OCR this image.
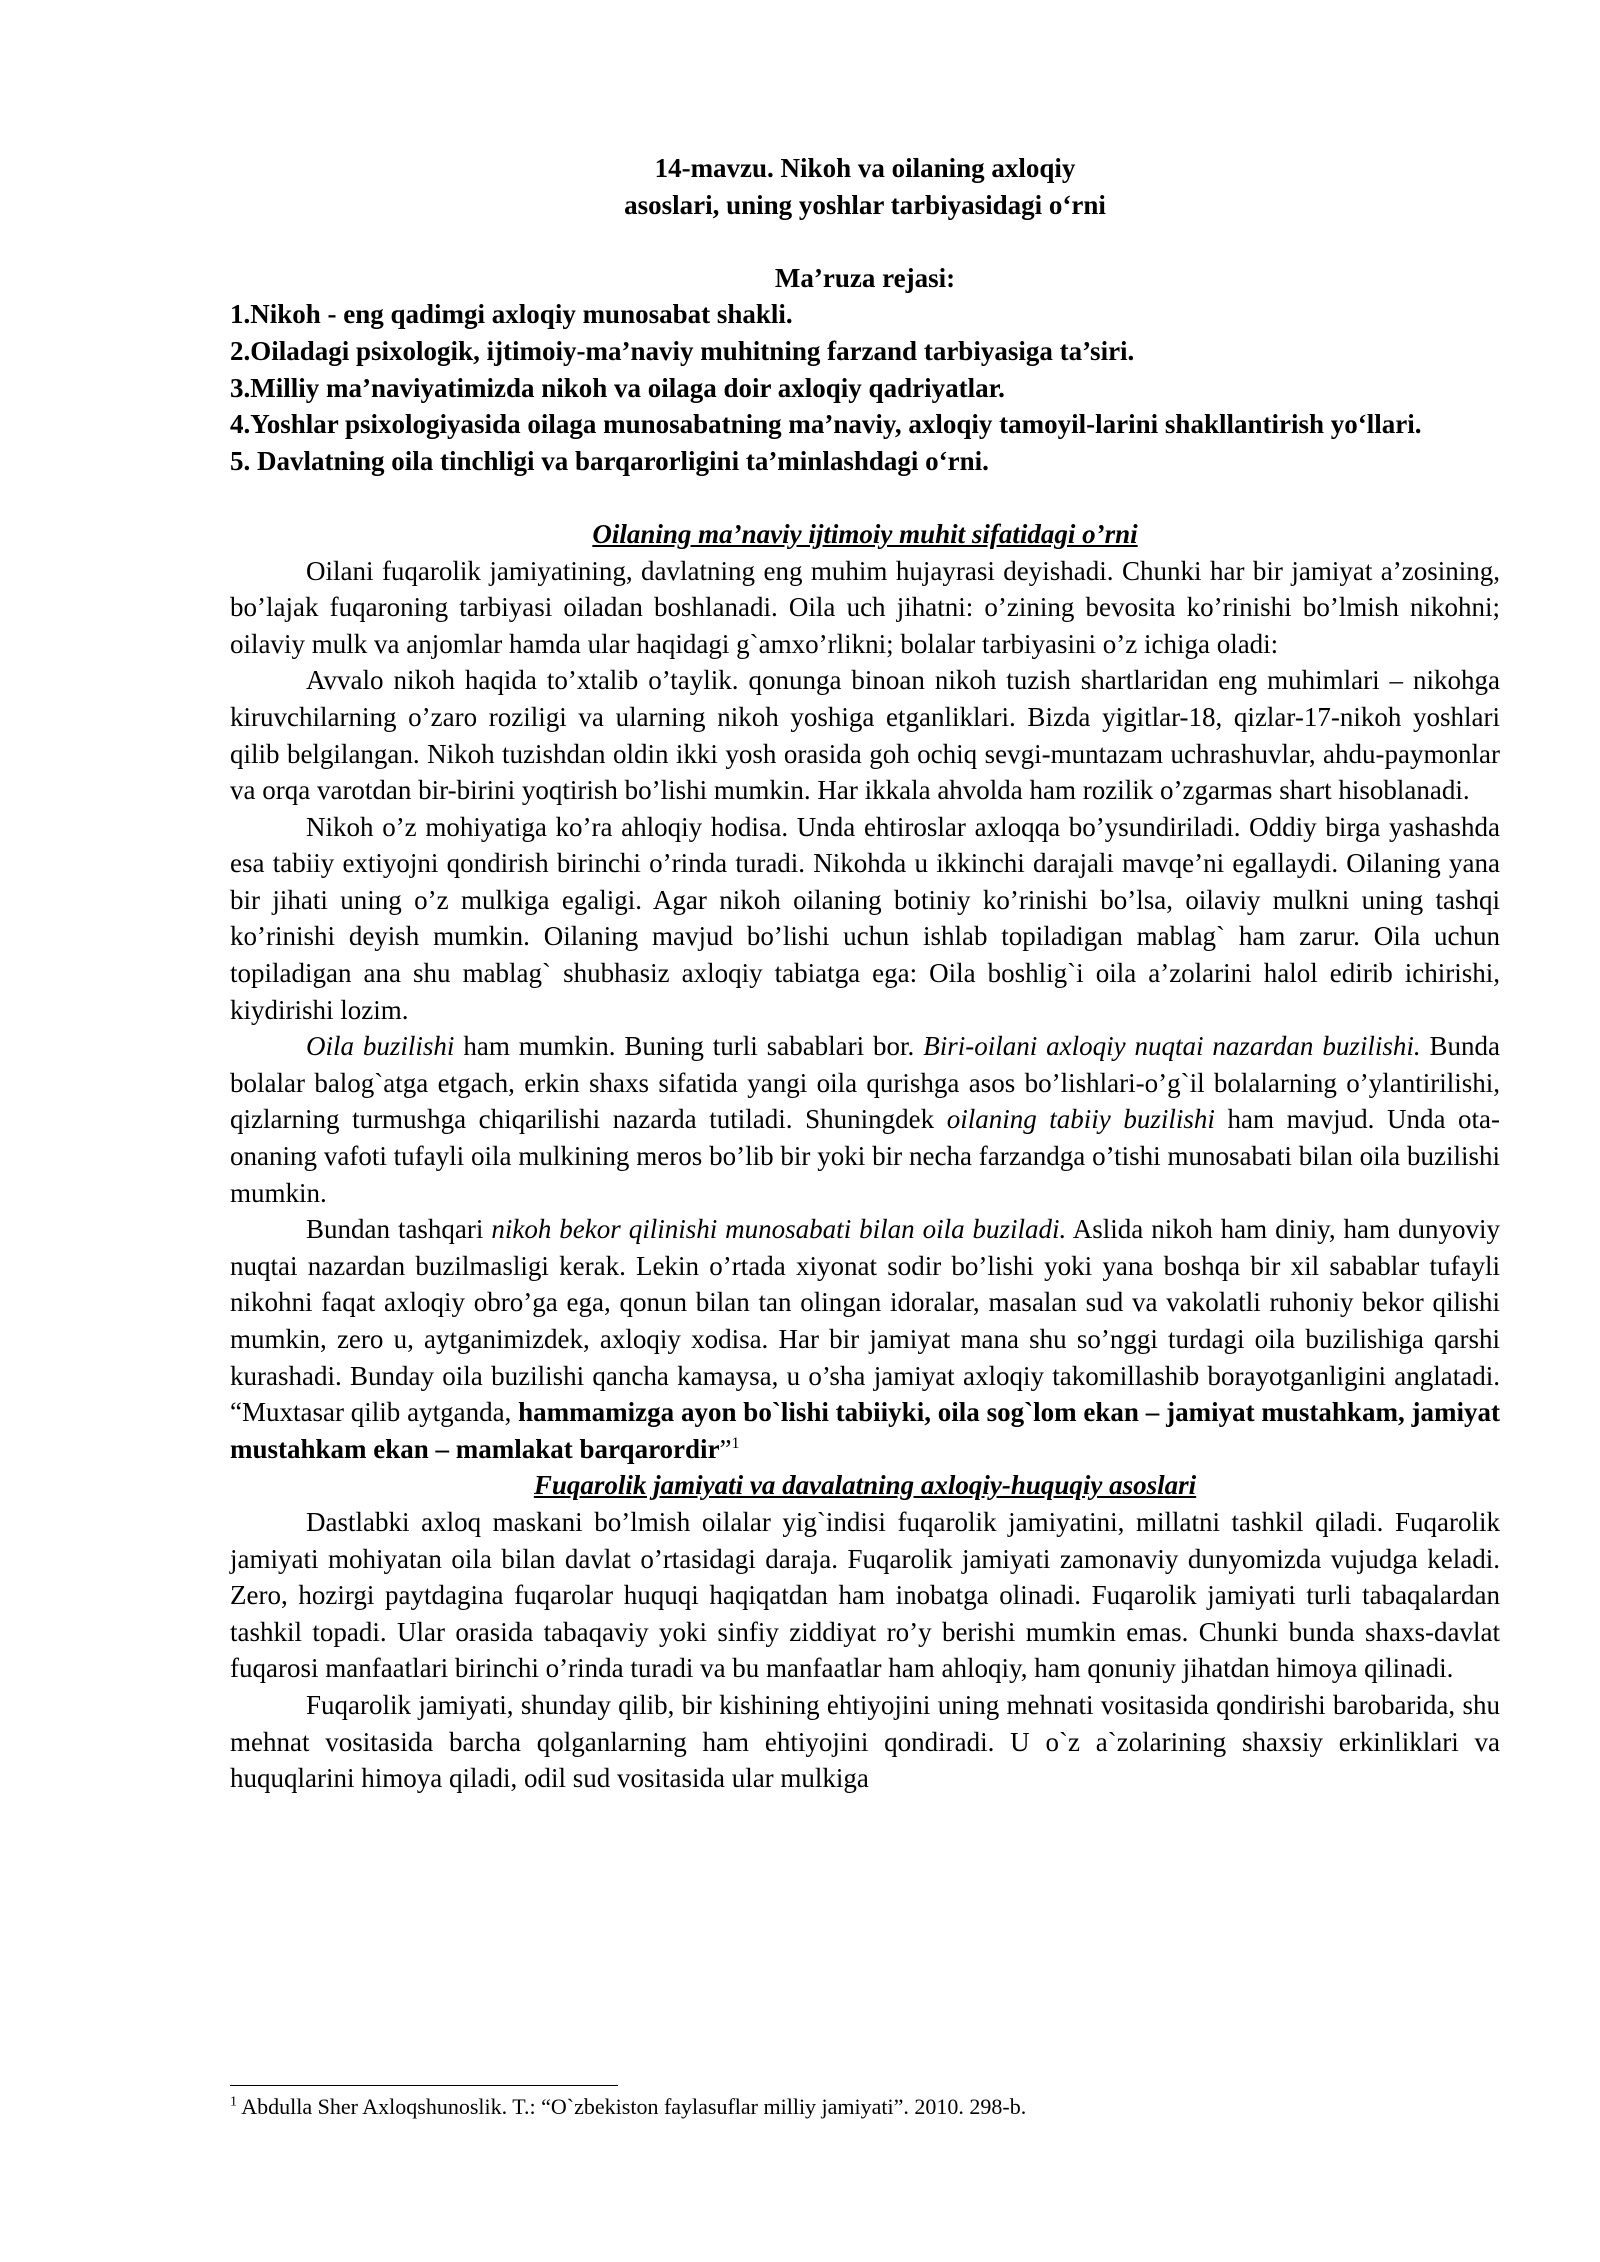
14-mavzu. Nikoh va oilaning axloqiy

asoslari, uning yoshlar tarbiyasidagi o‘rni

Ma’ruza rejasi:

1.Nikoh - eng qadimgi axloqiy munosabat shakli.

2.Oiladagi psixologik, ijtimoiy-ma’naviy muhitning farzand tarbiyasiga ta’siri.

3.Milliy ma’naviyatimizda nikoh va oilaga doir axloqiy qadriyatlar.

4.Yoshlar psixologiyasida oilaga munosabatning ma’naviy, axloqiy tamoyil-larini shakllantirish yo‘llari.

5. Davlatning oila tinchligi va barqarorligini ta’minlashdagi o‘rni.

Oilaning ma’naviy ijtimoiy muhit sifatidagi o’rni

Oilani fuqarolik jamiyatining, davlatning eng muhim hujayrasi deyishadi. Chunki har bir jamiyat a’zosining, bo’lajak fuqaroning tarbiyasi oiladan boshlanadi. Oila uch jihatni: o’zining bevosita ko’rinishi bo’lmish nikohni; oilaviy mulk va anjomlar hamda ular haqidagi g`amxo’rlikni; bolalar tarbiyasini o’z ichiga oladi:

Avvalo nikoh haqida to’xtalib o’taylik. qonunga binoan nikoh tuzish shartlaridan eng muhimlari – nikohga kiruvchilarning o’zaro roziligi va ularning nikoh yoshiga etganliklari. Bizda yigitlar-18, qizlar-17-nikoh yoshlari qilib belgilangan. Nikoh tuzishdan oldin ikki yosh orasida goh ochiq sevgi-muntazam uchrashuvlar, ahdu-paymonlar va orqa varotdan bir-birini yoqtirish bo’lishi mumkin. Har ikkala ahvolda ham rozilik o’zgarmas shart hisoblanadi.

Nikoh o’z mohiyatiga ko’ra ahloqiy hodisa. Unda ehtiroslar axloqqa bo’ysundiriladi. Oddiy birga yashashda esa tabiiy extiyojni qondirish birinchi o’rinda turadi. Nikohda u ikkinchi darajali mavqe’ni egallaydi. Oilaning yana bir jihati uning o’z mulkiga egaligi. Agar nikoh oilaning botiniy ko’rinishi bo’lsa, oilaviy mulkni uning tashqi ko’rinishi deyish mumkin. Oilaning mavjud bo’lishi uchun ishlab topiladigan mablag` ham zarur. Oila uchun topiladigan ana shu mablag` shubhasiz axloqiy tabiatga ega: Oila boshlig`i oila a’zolarini halol edirib ichirishi, kiydirishi lozim.

Oila buzilishi ham mumkin. Buning turli sabablari bor. Biri-oilani axloqiy nuqtai nazardan buzilishi. Bunda bolalar balog`atga etgach, erkin shaxs sifatida yangi oila qurishga asos bo’lishlari-o’g`il bolalarning o’ylantirilishi, qizlarning turmushga chiqarilishi nazarda tutiladi. Shuningdek oilaning tabiiy buzilishi ham mavjud. Unda ota-onaning vafoti tufayli oila mulkining meros bo’lib bir yoki bir necha farzandga o’tishi munosabati bilan oila buzilishi mumkin.

Bundan tashqari nikoh bekor qilinishi munosabati bilan oila buziladi. Aslida nikoh ham diniy, ham dunyoviy nuqtai nazardan buzilmasligi kerak. Lekin o’rtada xiyonat sodir bo’lishi yoki yana boshqa bir xil sabablar tufayli nikohni faqat axloqiy obro’ga ega, qonun bilan tan olingan idoralar, masalan sud va vakolatli ruhoniy bekor qilishi mumkin, zero u, aytganimizdek, axloqiy xodisa. Har bir jamiyat mana shu so’nggi turdagi oila buzilishiga qarshi kurashadi. Bunday oila buzilishi qancha kamaysa, u o’sha jamiyat axloqiy takomillashib borayotganligini anglatadi. “Muxtasar qilib aytganda, hammamizga ayon bo`lishi tabiiyki, oila sog`lom ekan – jamiyat mustahkam, jamiyat mustahkam ekan – mamlakat barqarordir”$^1$

Fuqarolik jamiyati va davalatning axloqiy-huquqiy asoslari

Dastlabki axloq maskani bo’lmish oilalar yig`indisi fuqarolik jamiyatini, millatni tashkil qiladi. Fuqarolik jamiyati mohiyatan oila bilan davlat o’rtasidagi daraja. Fuqarolik jamiyati zamonaviy dunyomizda vujudga keladi. Zero, hozirgi paytdagina fuqarolar huquqi haqiqatdan ham inobatga olinadi. Fuqarolik jamiyati turli tabaqalardan tashkil topadi. Ular orasida tabaqaviy yoki sinfiy ziddiyat ro’y berishi mumkin emas. Chunki bunda shaxs-davlat fuqarosi manfaatlari birinchi o’rinda turadi va bu manfaatlar ham ahloqiy, ham qonuniy jihatdan himoya qilinadi.

Fuqarolik jamiyati, shunday qilib, bir kishining ehtiyojini uning mehnati vositasida qondirishi barobarida, shu mehnat vositasida barcha qolganlarning ham ehtiyojini qondiradi. U o`z a`zolarining shaxsiy erkinliklari va huquqlarini himoya qiladi, odil sud vositasida ular mulkiga

$^1$ Abdulla Sher Axloqshunoslik. T.: “O`zbekiston faylasuflar milliy jamiyati”. 2010. 298-b.
